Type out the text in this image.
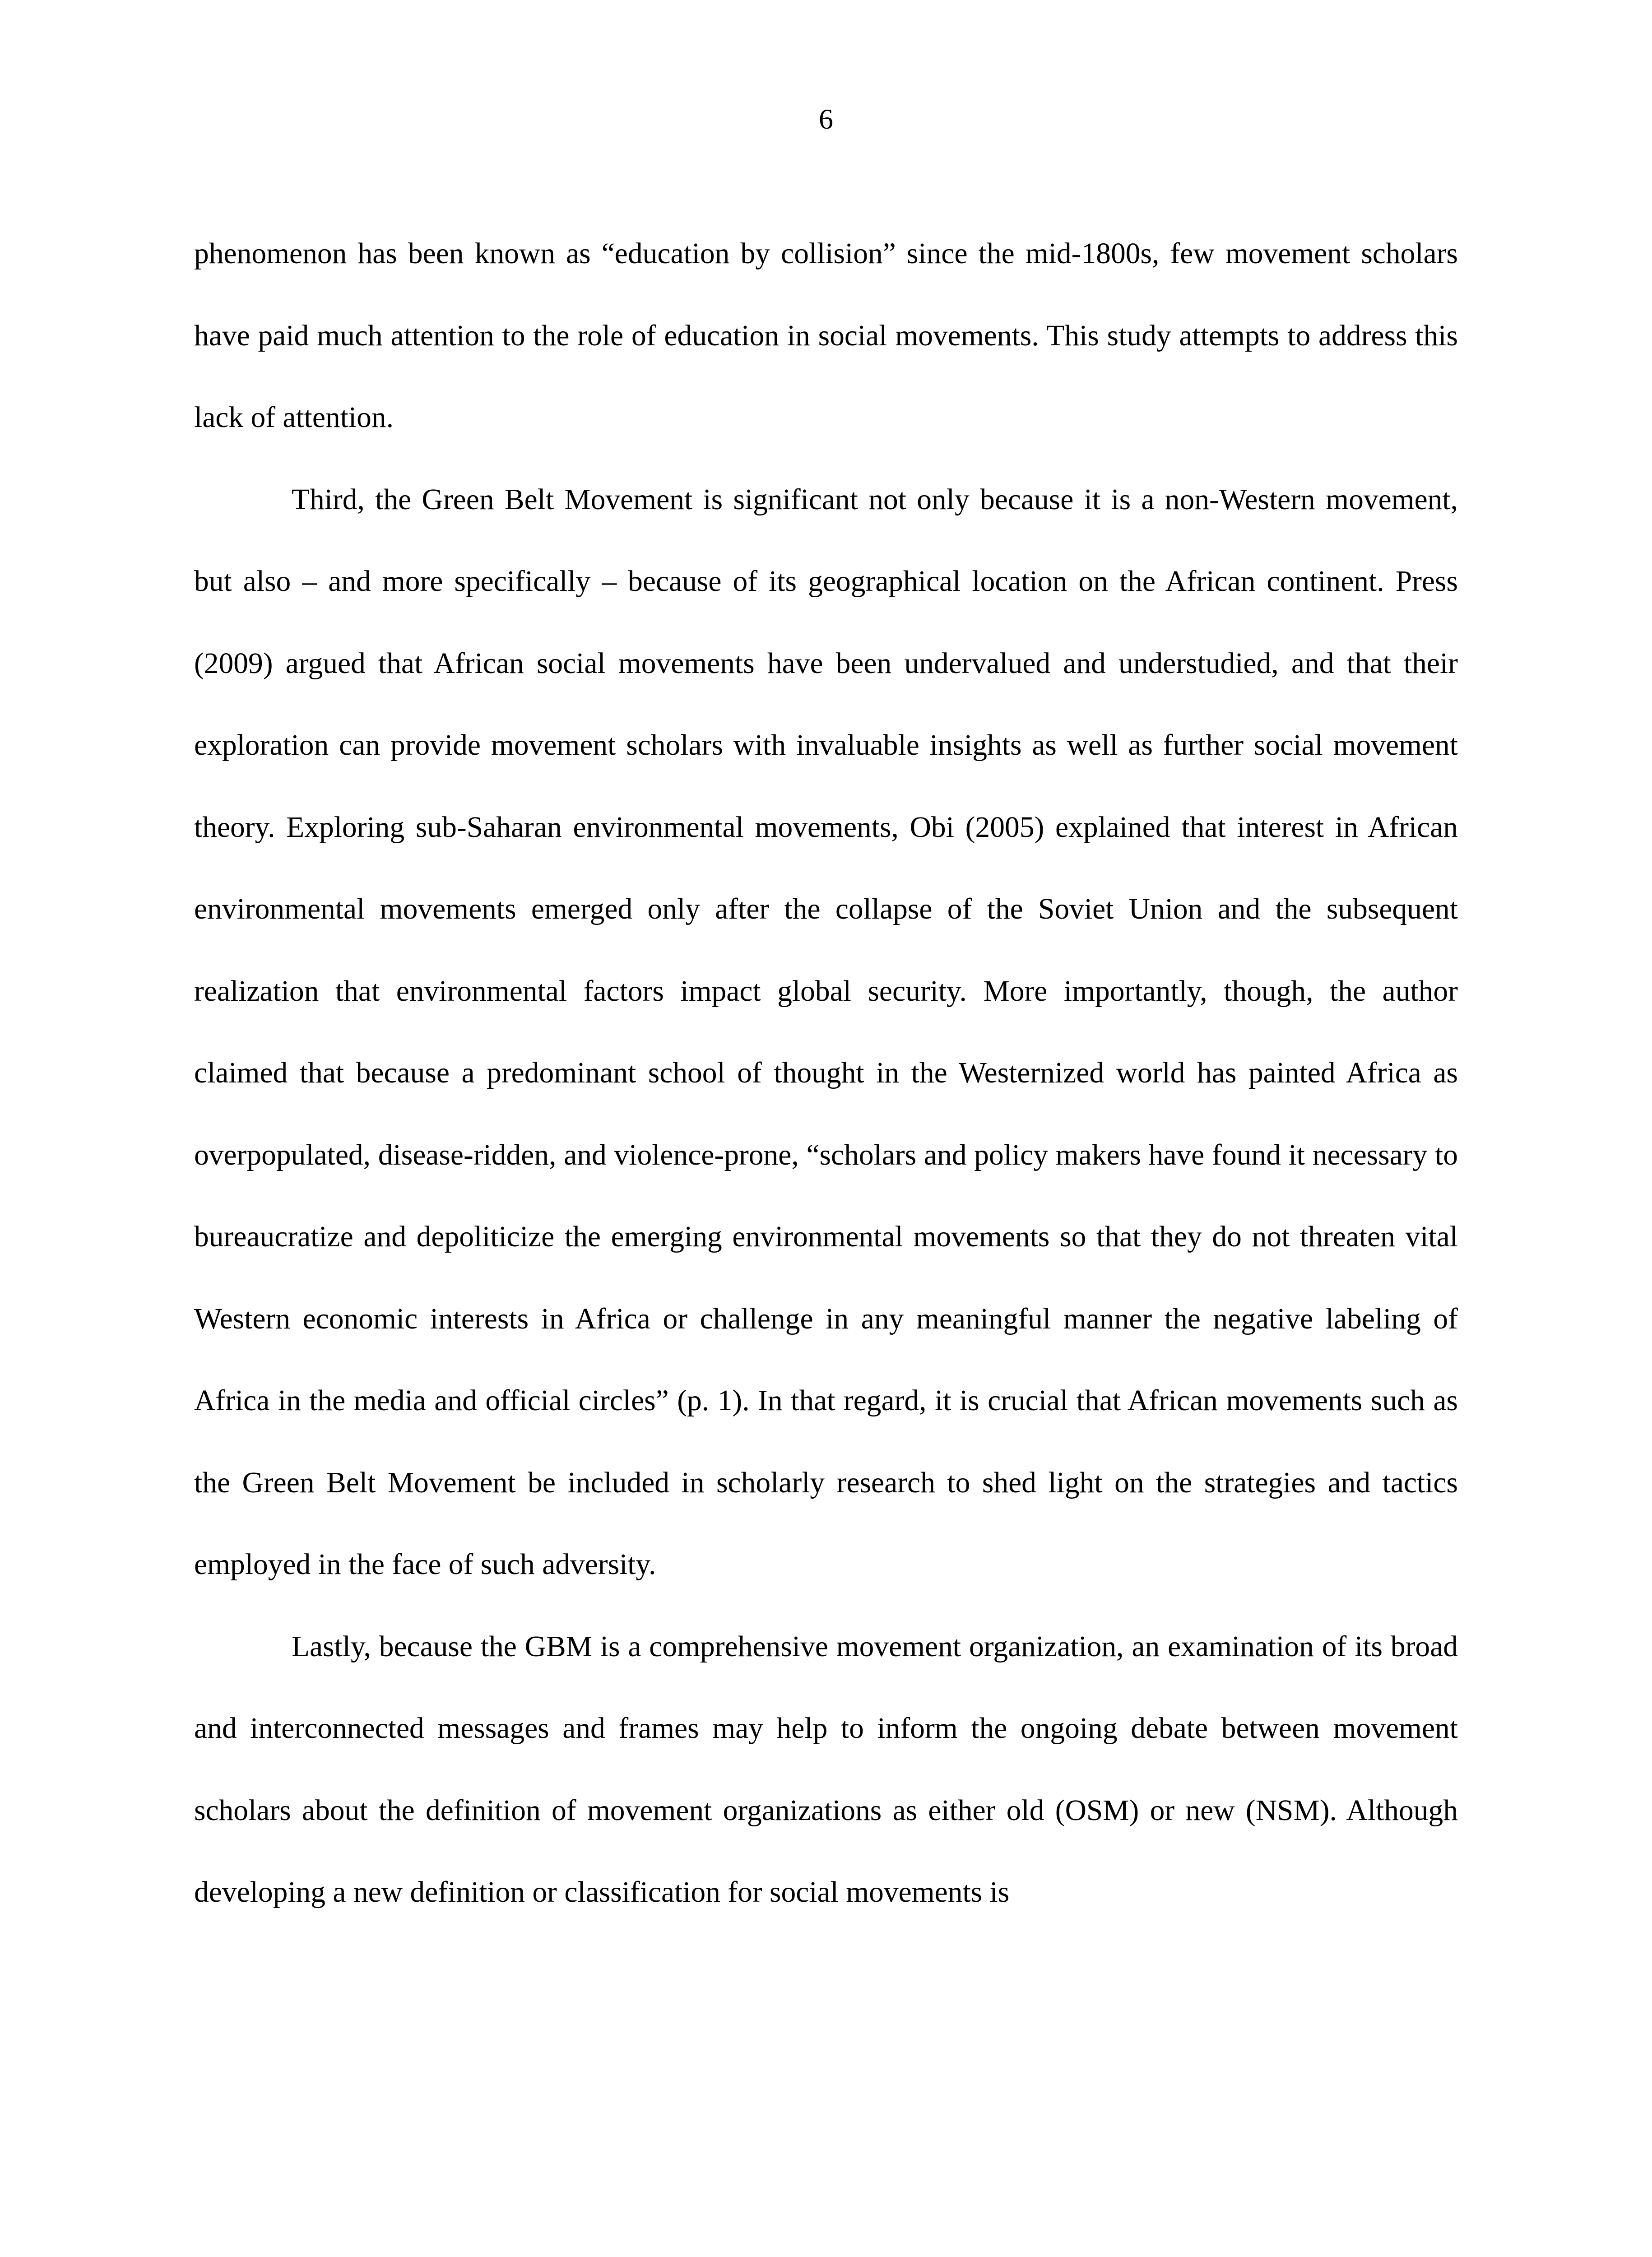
6

phenomenon has been known as “education by collision” since the mid-1800s, few movement scholars have paid much attention to the role of education in social movements. This study attempts to address this lack of attention.

Third, the Green Belt Movement is significant not only because it is a non-Western movement, but also – and more specifically – because of its geographical location on the African continent. Press (2009) argued that African social movements have been undervalued and understudied, and that their exploration can provide movement scholars with invaluable insights as well as further social movement theory. Exploring sub-Saharan environmental movements, Obi (2005) explained that interest in African environmental movements emerged only after the collapse of the Soviet Union and the subsequent realization that environmental factors impact global security. More importantly, though, the author claimed that because a predominant school of thought in the Westernized world has painted Africa as overpopulated, disease-ridden, and violence-prone, “scholars and policy makers have found it necessary to bureaucratize and depoliticize the emerging environmental movements so that they do not threaten vital Western economic interests in Africa or challenge in any meaningful manner the negative labeling of Africa in the media and official circles” (p. 1). In that regard, it is crucial that African movements such as the Green Belt Movement be included in scholarly research to shed light on the strategies and tactics employed in the face of such adversity.

Lastly, because the GBM is a comprehensive movement organization, an examination of its broad and interconnected messages and frames may help to inform the ongoing debate between movement scholars about the definition of movement organizations as either old (OSM) or new (NSM). Although developing a new definition or classification for social movements is
